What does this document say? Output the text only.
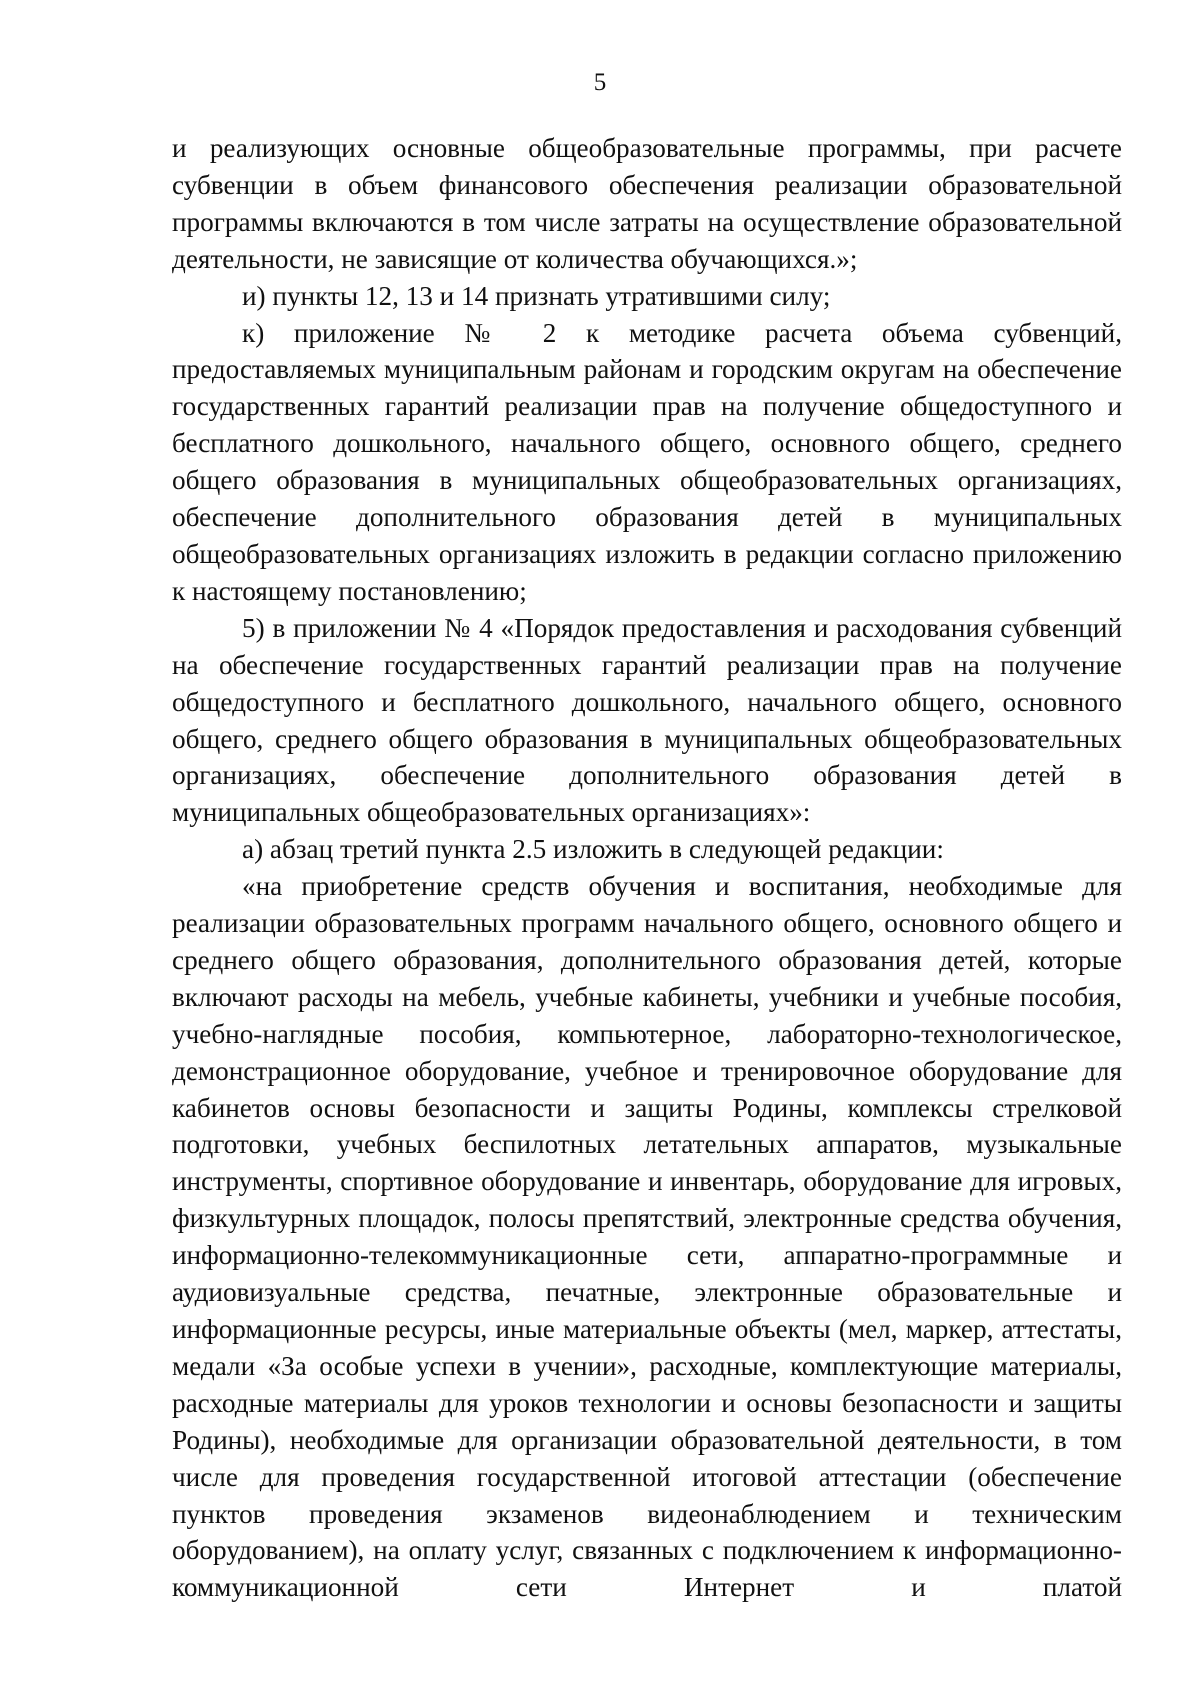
5

и реализующих основные общеобразовательные программы, при расчете субвенции в объем финансового обеспечения реализации образовательной программы включаются в том числе затраты на осуществление образовательной деятельности, не зависящие от количества обучающихся.»;

и) пункты 12, 13 и 14 признать утратившими силу;

к) приложение № 2 к методике расчета объема субвенций, предоставляемых муниципальным районам и городским округам на обеспечение государственных гарантий реализации прав на получение общедоступного и бесплатного дошкольного, начального общего, основного общего, среднего общего образования в муниципальных общеобразовательных организациях, обеспечение дополнительного образования детей в муниципальных общеобразовательных организациях изложить в редакции согласно приложению к настоящему постановлению;

5) в приложении № 4 «Порядок предоставления и расходования субвенций на обеспечение государственных гарантий реализации прав на получение общедоступного и бесплатного дошкольного, начального общего, основного общего, среднего общего образования в муниципальных общеобразовательных организациях, обеспечение дополнительного образования детей в муниципальных общеобразовательных организациях»:

а) абзац третий пункта 2.5 изложить в следующей редакции:

«на приобретение средств обучения и воспитания, необходимые для реализации образовательных программ начального общего, основного общего и среднего общего образования, дополнительного образования детей, которые включают расходы на мебель, учебные кабинеты, учебники и учебные пособия, учебно-наглядные пособия, компьютерное, лабораторно-технологическое, демонстрационное оборудование, учебное и тренировочное оборудование для кабинетов основы безопасности и защиты Родины, комплексы стрелковой подготовки, учебных беспилотных летательных аппаратов, музыкальные инструменты, спортивное оборудование и инвентарь, оборудование для игровых, физкультурных площадок, полосы препятствий, электронные средства обучения, информационно-телекоммуникационные сети, аппаратно-программные и аудиовизуальные средства, печатные, электронные образовательные и информационные ресурсы, иные материальные объекты (мел, маркер, аттестаты, медали «За особые успехи в учении», расходные, комплектующие материалы, расходные материалы для уроков технологии и основы безопасности и защиты Родины), необходимые для организации образовательной деятельности, в том числе для проведения государственной итоговой аттестации (обеспечение пунктов проведения экзаменов видеонаблюдением и техническим оборудованием), на оплату услуг, связанных с подключением к информационно-коммуникационной сети Интернет и платой
